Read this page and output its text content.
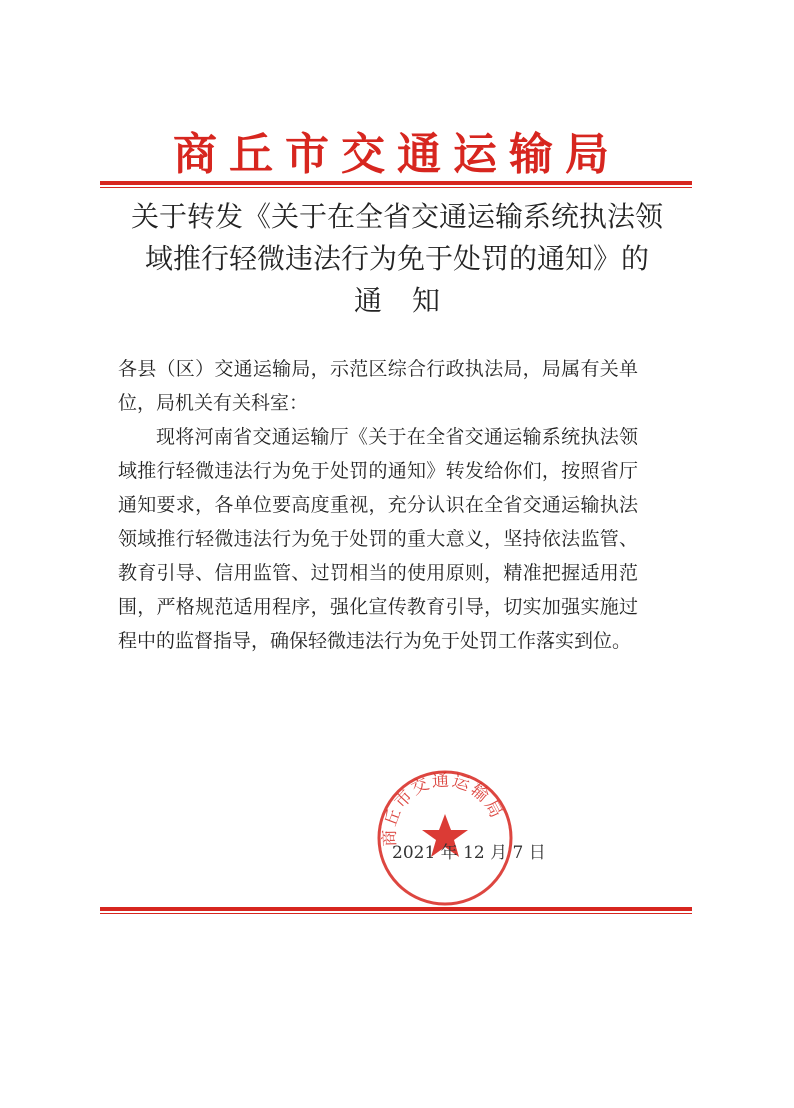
商丘市交通运输局
关于转发《关于在全省交通运输系统执法领
域推行轻微违法行为免于处罚的通知》的
通知

各县（区）交通运输局，示范区综合行政执法局，局属有关单位，局机关有关科室：

现将河南省交通运输厅《关于在全省交通运输系统执法领域推行轻微违法行为免于处罚的通知》转发给你们，按照省厅通知要求，各单位要高度重视，充分认识在全省交通运输执法领域推行轻微违法行为免于处罚的重大意义，坚持依法监管、教育引导、信用监管、过罚相当的使用原则，精准把握适用范围，严格规范适用程序，强化宣传教育引导，切实加强实施过程中的监督指导，确保轻微违法行为免于处罚工作落实到位。

商丘市交通运输局
2021 年 12 月 7 日
